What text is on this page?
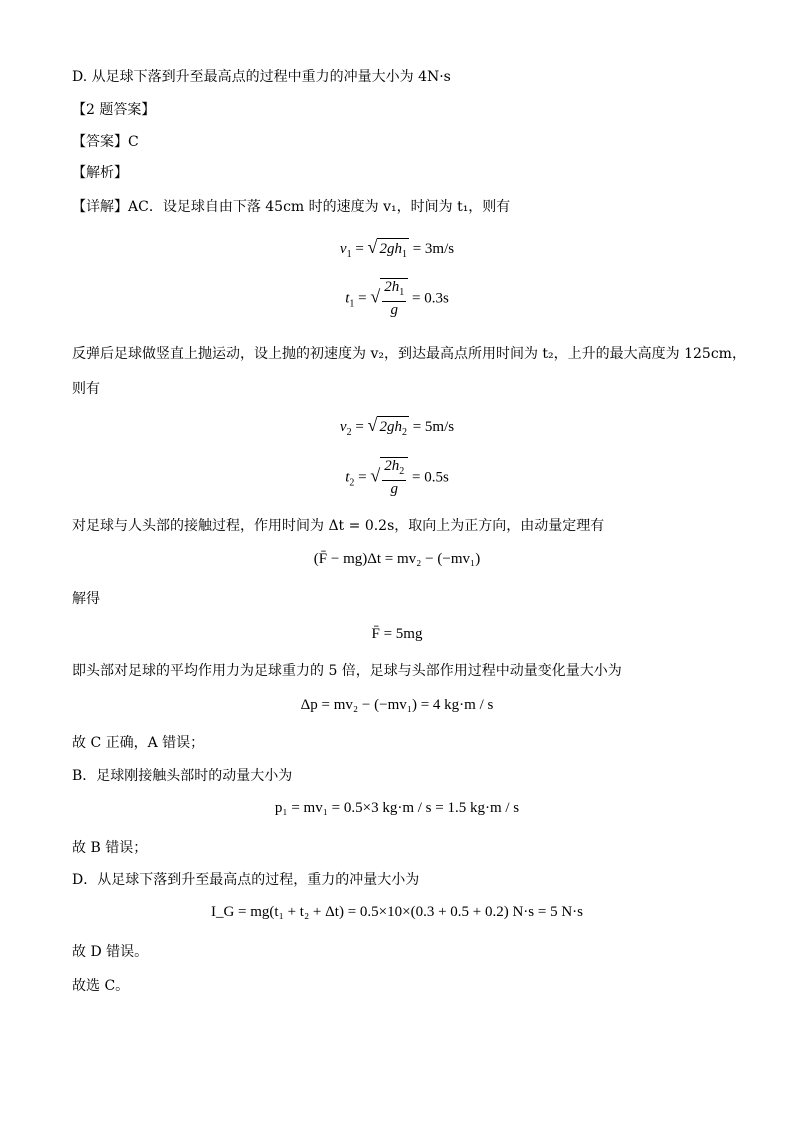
D. 从足球下落到升至最高点的过程中重力的冲量大小为 4N·s
【2 题答案】
【答案】C
【解析】
【详解】AC．设足球自由下落 45cm 时的速度为 v₁，时间为 t₁，则有
$v_1$ = √ $2gh_1 = 3m/s$
$t_1$ = √ $\frac{2h_1}{g} = 0.3s$
反弹后足球做竖直上抛运动，设上抛的初速度为 v₂，到达最高点所用时间为 t₂，上升的最大高度为 125cm，
则有
$v_2$ = √ $2gh_2 = 5m/s$
$t_2$ = √ $\frac{2h_2}{g} = 0.5s$
对足球与人头部的接触过程，作用时间为 Δt = 0.2s，取向上为正方向，由动量定理有
(F̄ − mg)Δt = mv₂ − (−mv₁)
解得
F̄ = 5mg
即头部对足球的平均作用力为足球重力的 5 倍，足球与头部作用过程中动量变化量大小为
Δp = mv₂ − (−mv₁) = 4 kg·m / s
故 C 正确，A 错误；
B．足球刚接触头部时的动量大小为
p₁ = mv₁ = 0.5×3 kg·m / s = 1.5 kg·m / s
故 B 错误；
D．从足球下落到升至最高点的过程，重力的冲量大小为
I_G = mg(t₁ + t₂ + Δt) = 0.5×10×(0.3 + 0.5 + 0.2) N·s = 5 N·s
故 D 错误。
故选 C。
